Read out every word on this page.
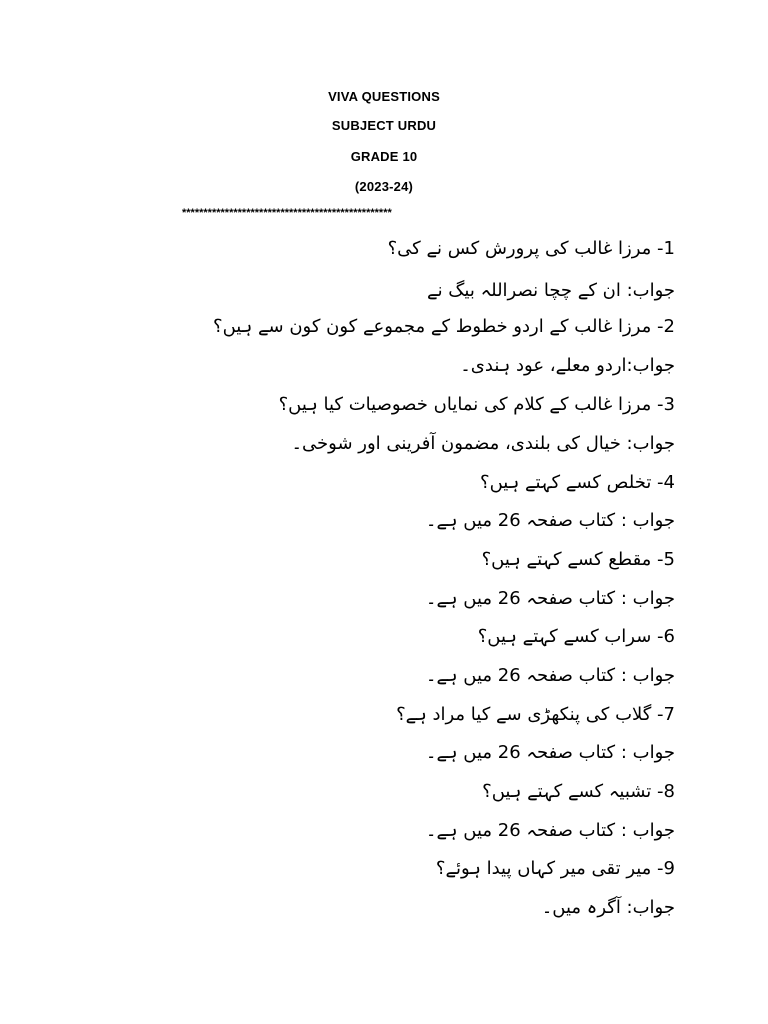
VIVA QUESTIONS
SUBJECT URDU
GRADE 10
(2023-24)
*************************************************
1- مرزا غالب کی پرورش کس نے کی؟
جواب: ان کے چچا نصراللہ بیگ نے
2- مرزا غالب کے اردو خطوط کے مجموعے کون کون سے ہیں؟
جواب:اردو معلے، عود ہندی۔
3- مرزا غالب کے کلام کی نمایاں خصوصیات کیا ہیں؟
جواب: خیال کی بلندی، مضمون آفرینی اور شوخی۔
4- تخلص کسے کہتے ہیں؟
جواب : کتاب صفحہ 26 میں ہے۔
5- مقطع کسے کہتے ہیں؟
جواب : کتاب صفحہ 26 میں ہے۔
6- سراب کسے کہتے ہیں؟
جواب : کتاب صفحہ 26 میں ہے۔
7- گلاب کی پنکھڑی سے کیا مراد ہے؟
جواب : کتاب صفحہ 26 میں ہے۔
8- تشبیہ کسے کہتے ہیں؟
جواب : کتاب صفحہ 26 میں ہے۔
9- میر تقی میر کہاں پیدا ہوئے؟
جواب: آگرہ میں۔
